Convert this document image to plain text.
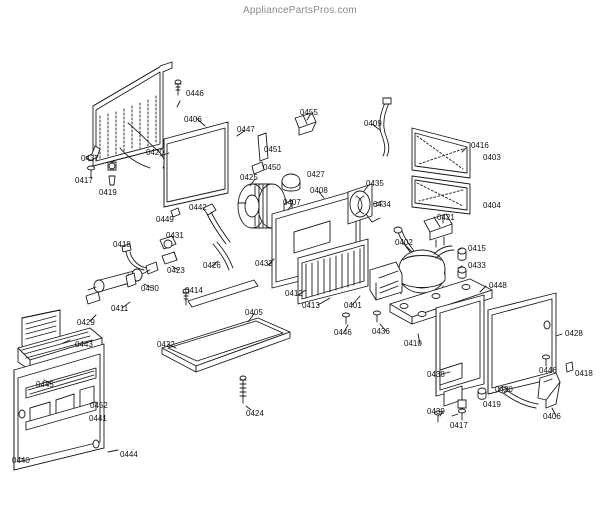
AppliancePartsPros.com
0446
0406
0447
0455
0409
0416
0403
0404
0437
0417
0419
0420	0451
0450
0427
0425
0408
0407
0435
0434
0421
0449
0442
0431
0418	0402
0415
0433
0423
0426	0432
0448
0430	0414	0412
0413	0401
0411
0429
0405
0446	0436
0410
0428
0443	0422
0445
0452
0441
0438
0420
0446 0418
0439
0419
0417
0406
0424
0444
0440
